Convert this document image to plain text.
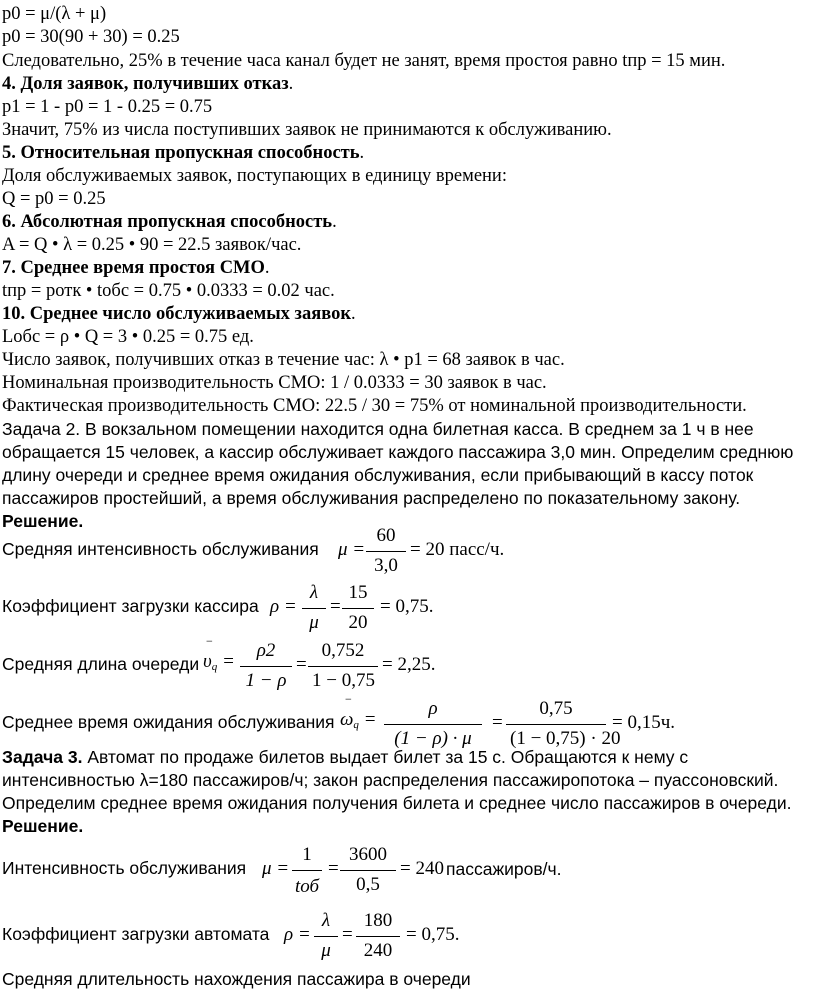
p0 = μ/(λ + μ)
p0 = 30(90 + 30) = 0.25
Следовательно, 25% в течение часа канал будет не занят, время простоя равно tпр = 15 мин.
4. Доля заявок, получивших отказ.
p1 = 1 - p0 = 1 - 0.25 = 0.75
Значит, 75% из числа поступивших заявок не принимаются к обслуживанию.
5. Относительная пропускная способность.
Доля обслуживаемых заявок, поступающих в единицу времени:
Q = p0 = 0.25
6. Абсолютная пропускная способность.
A = Q • λ = 0.25 • 90 = 22.5 заявок/час.
7. Среднее время простоя СМО.
tпр = pотк • tобс = 0.75 • 0.0333 = 0.02 час.
10. Среднее число обслуживаемых заявок.
Lобс = ρ • Q = 3 • 0.25 = 0.75 ед.
Число заявок, получивших отказ в течение час: λ • p1 = 68 заявок в час.
Номинальная производительность СМО: 1 / 0.0333 = 30 заявок в час.
Фактическая производительность СМО: 22.5 / 30 = 75% от номинальной производительности.
Задача 2. В вокзальном помещении находится одна билетная касса. В среднем за 1 ч в нее
обращается 15 человек, а кассир обслуживает каждого пассажира 3,0 мин. Определим среднюю
длину очереди и среднее время ожидания обслуживания, если прибывающий в кассу поток
пассажиров простейший, а время обслуживания распределено по показательному закону.
Решение.
Средняя интенсивность обслуживания μ =
60
3,0
= 20 пасс/ч.
Коэффициент загрузки кассира ρ =
λ
μ
=
15
20
= 0,75.
Средняя длина очереди $\upsilon_q$ =
−	ρ2
1 − ρ
=
0,752
1 − 0,75
= 2,25.
Среднее время ожидания обслуживания $\omega_q$ =
−	ρ
(1 − ρ) · μ
=
0,75
(1 − 0,75) · 20
= 0,15ч.
Задача 3. Автомат по продаже билетов выдает билет за 15 с. Обращаются к нему с
интенсивностью λ=180 пассажиров/ч; закон распределения пассажиропотока – пуассоновский.
Определим среднее время ожидания получения билета и среднее число пассажиров в очереди.
Решение.
Интенсивность обслуживания μ =
1
tоб
=
3600
0,5
= 240 пассажиров/ч.
Коэффициент загрузки автомата ρ =
λ
μ
=
180
240
= 0,75.
Средняя длительность нахождения пассажира в очереди
